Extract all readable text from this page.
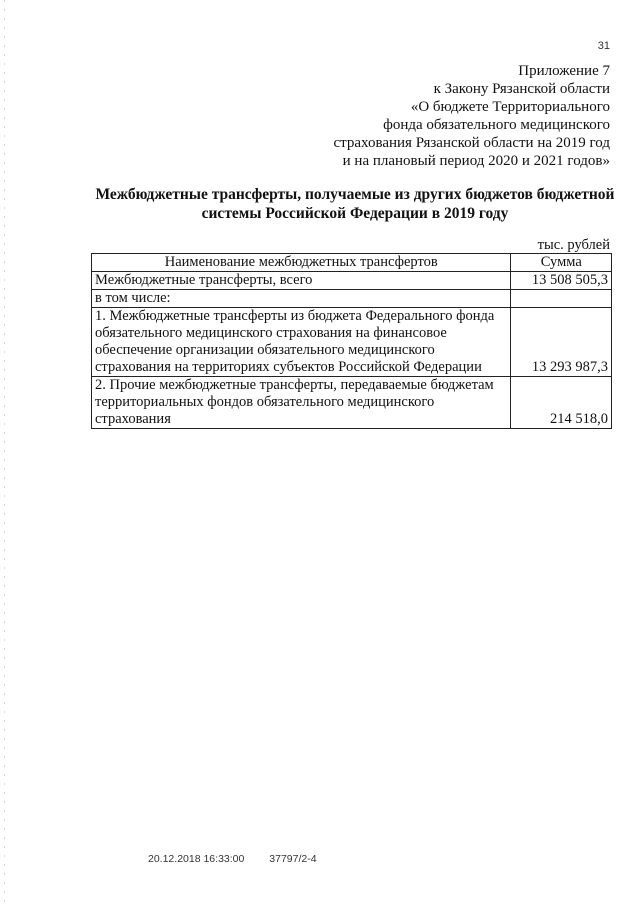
31
Приложение 7
к Закону Рязанской области
«О бюджете Территориального
фонда обязательного медицинского
страхования Рязанской области на 2019 год
и на плановый период 2020 и 2021 годов»
Межбюджетные трансферты, получаемые из других бюджетов бюджетной
системы Российской Федерации в 2019 году
тыс. рублей
Наименование межбюджетных трансфертов	Сумма
Межбюджетные трансферты, всего	13 508 505,3
в том числе:	
1. Межбюджетные трансферты из бюджета Федерального фонда обязательного медицинского страхования на финансовое обеспечение организации обязательного медицинского страхования на территориях субъектов Российской Федерации	13 293 987,3
2. Прочие межбюджетные трансферты, передаваемые бюджетам территориальных фондов обязательного медицинского страхования	214 518,0
20.12.2018 16:33:00 37797/2-4
